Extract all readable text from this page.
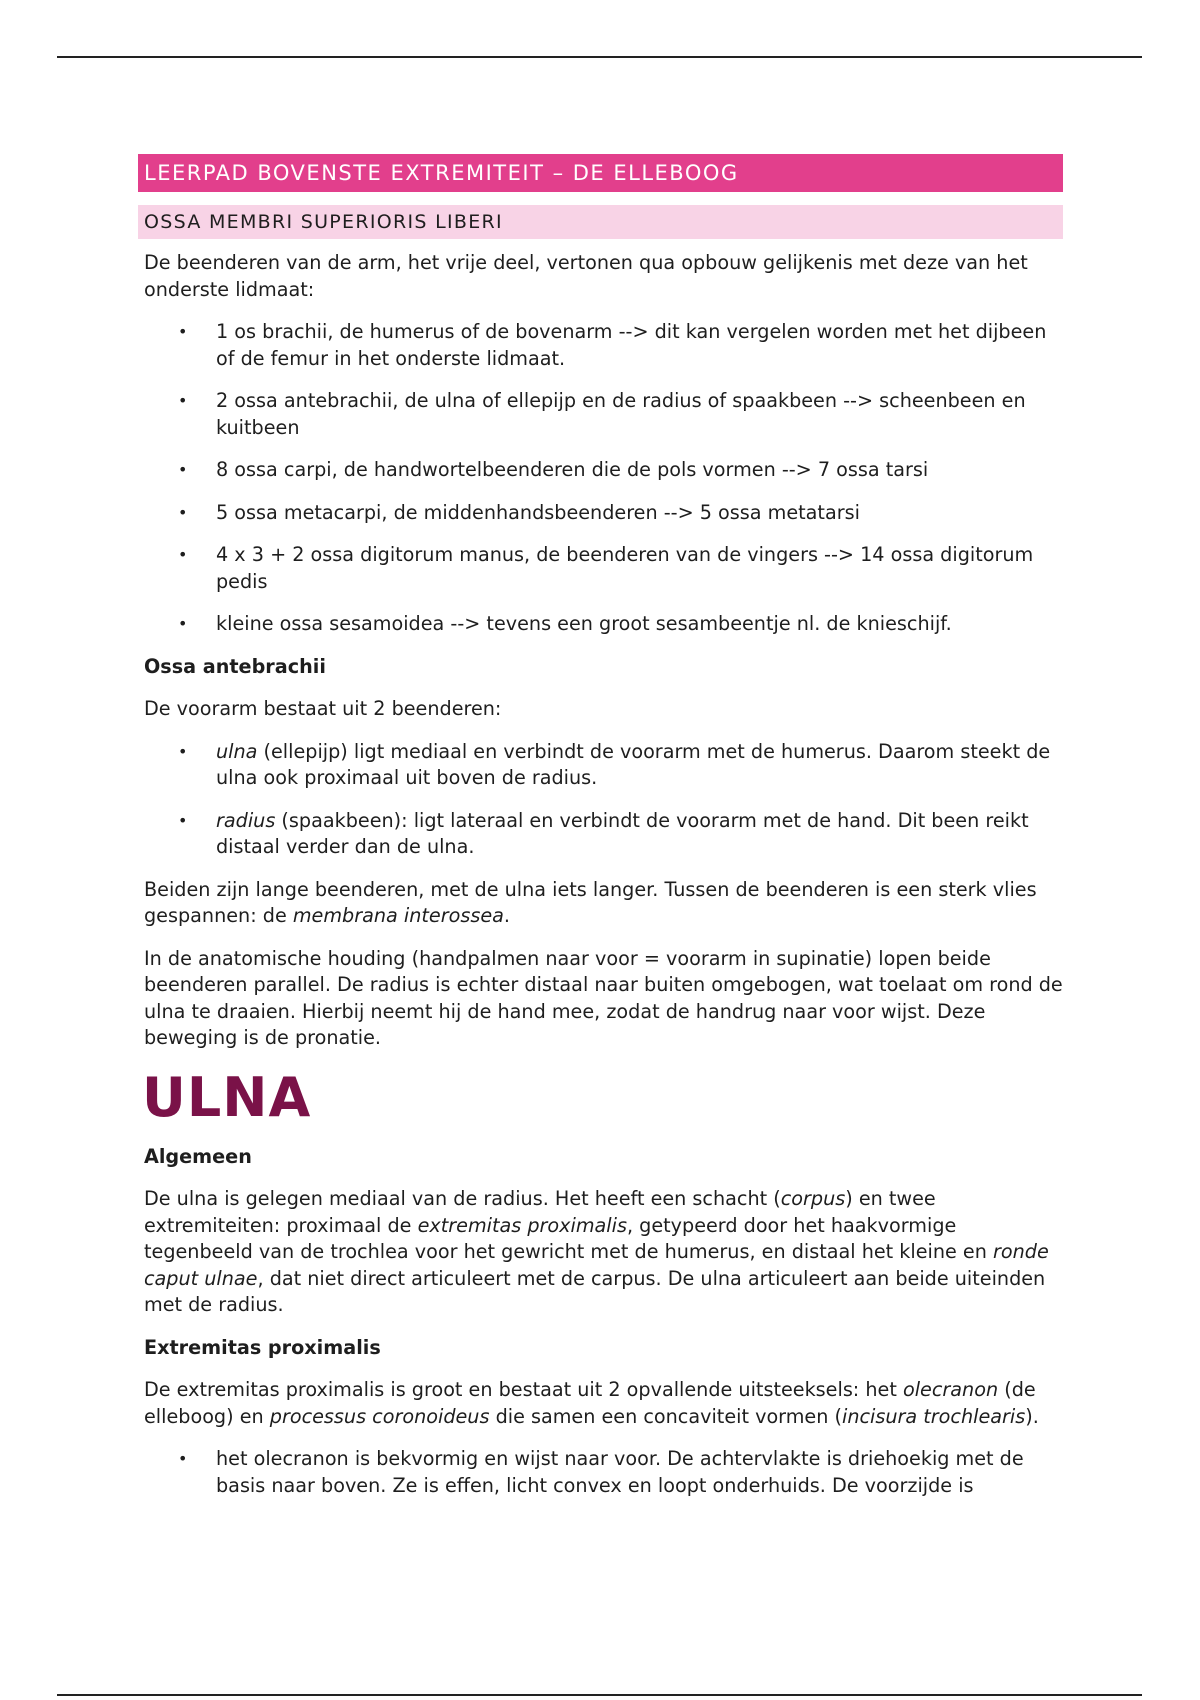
LEERPAD BOVENSTE EXTREMITEIT – DE ELLEBOOG
OSSA MEMBRI SUPERIORIS LIBERI

De beenderen van de arm, het vrije deel, vertonen qua opbouw gelijkenis met deze van het onderste lidmaat:

• 1 os brachii, de humerus of de bovenarm --> dit kan vergelen worden met het dijbeen of de femur in het onderste lidmaat.
• 2 ossa antebrachii, de ulna of ellepijp en de radius of spaakbeen --> scheenbeen en kuitbeen
• 8 ossa carpi, de handwortelbeenderen die de pols vormen --> 7 ossa tarsi
• 5 ossa metacarpi, de middenhandsbeenderen --> 5 ossa metatarsi
• 4 x 3 + 2 ossa digitorum manus, de beenderen van de vingers --> 14 ossa digitorum pedis
• kleine ossa sesamoidea --> tevens een groot sesambeentje nl. de knieschijf.
Ossa antebrachii

De voorarm bestaat uit 2 beenderen:

• ulna (ellepijp) ligt mediaal en verbindt de voorarm met de humerus. Daarom steekt de ulna ook proximaal uit boven de radius.
• radius (spaakbeen): ligt lateraal en verbindt de voorarm met de hand. Dit been reikt distaal verder dan de ulna.

Beiden zijn lange beenderen, met de ulna iets langer. Tussen de beenderen is een sterk vlies gespannen: de membrana interossea.

In de anatomische houding (handpalmen naar voor = voorarm in supinatie) lopen beide beenderen parallel. De radius is echter distaal naar buiten omgebogen, wat toelaat om rond de ulna te draaien. Hierbij neemt hij de hand mee, zodat de handrug naar voor wijst. Deze beweging is de pronatie.

ULNA
Algemeen

De ulna is gelegen mediaal van de radius. Het heeft een schacht (corpus) en twee extremiteiten: proximaal de extremitas proximalis, getypeerd door het haakvormige tegenbeeld van de trochlea voor het gewricht met de humerus, en distaal het kleine en ronde caput ulnae, dat niet direct articuleert met de carpus. De ulna articuleert aan beide uiteinden met de radius.

Extremitas proximalis

De extremitas proximalis is groot en bestaat uit 2 opvallende uitsteeksels: het olecranon (de elleboog) en processus coronoideus die samen een concaviteit vormen (incisura trochlearis).

• het olecranon is bekvormig en wijst naar voor. De achtervlakte is driehoekig met de basis naar boven. Ze is effen, licht convex en loopt onderhuids. De voorzijde is
